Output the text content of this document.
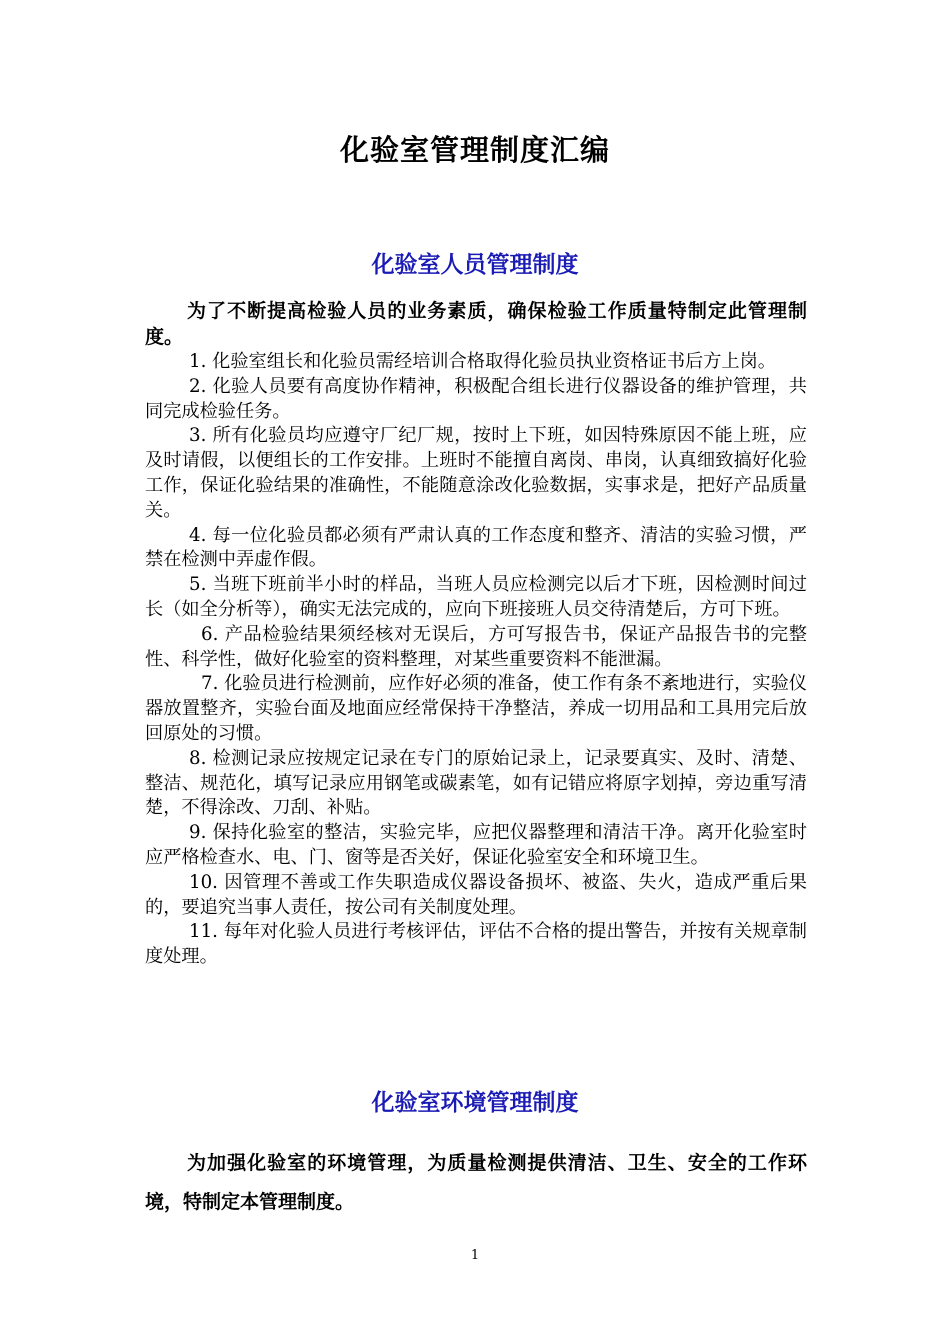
化验室管理制度汇编
化验室人员管理制度

为了不断提高检验人员的业务素质，确保检验工作质量特制定此管理制度。

1. 化验室组长和化验员需经培训合格取得化验员执业资格证书后方上岗。

2. 化验人员要有高度协作精神，积极配合组长进行仪器设备的维护管理，共同完成检验任务。

3. 所有化验员均应遵守厂纪厂规，按时上下班，如因特殊原因不能上班，应及时请假，以便组长的工作安排。上班时不能擅自离岗、串岗，认真细致搞好化验工作，保证化验结果的准确性，不能随意涂改化验数据，实事求是，把好产品质量关。

4. 每一位化验员都必须有严肃认真的工作态度和整齐、清洁的实验习惯，严禁在检测中弄虚作假。

5. 当班下班前半小时的样品，当班人员应检测完以后才下班，因检测时间过长（如全分析等），确实无法完成的，应向下班接班人员交待清楚后，方可下班。

6. 产品检验结果须经核对无误后，方可写报告书，保证产品报告书的完整性、科学性，做好化验室的资料整理，对某些重要资料不能泄漏。

7. 化验员进行检测前，应作好必须的准备，使工作有条不紊地进行，实验仪器放置整齐，实验台面及地面应经常保持干净整洁，养成一切用品和工具用完后放回原处的习惯。

8. 检测记录应按规定记录在专门的原始记录上，记录要真实、及时、清楚、整洁、规范化，填写记录应用钢笔或碳素笔，如有记错应将原字划掉，旁边重写清楚，不得涂改、刀刮、补贴。

9. 保持化验室的整洁，实验完毕，应把仪器整理和清洁干净。离开化验室时应严格检查水、电、门、窗等是否关好，保证化验室安全和环境卫生。

10. 因管理不善或工作失职造成仪器设备损坏、被盗、失火，造成严重后果的，要追究当事人责任，按公司有关制度处理。

11. 每年对化验人员进行考核评估，评估不合格的提出警告，并按有关规章制度处理。

化验室环境管理制度

为加强化验室的环境管理，为质量检测提供清洁、卫生、安全的工作环境，特制定本管理制度。

1
